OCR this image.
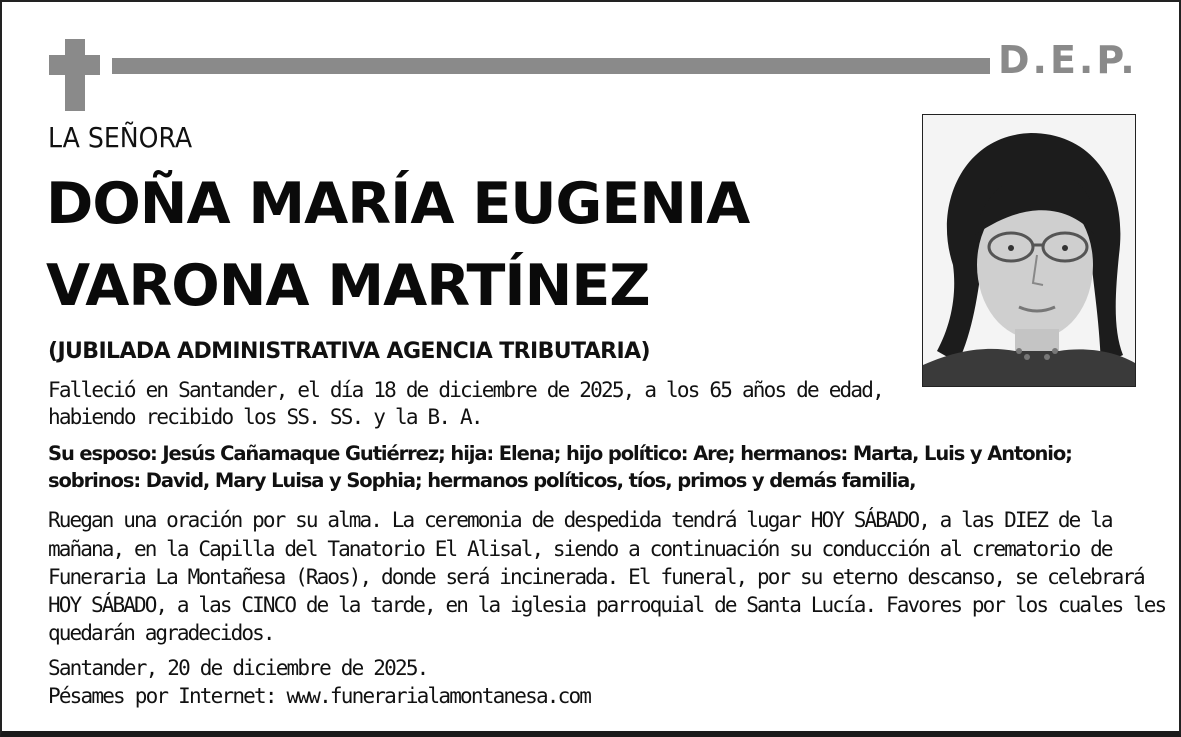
D.E.P.
LA SEÑORA
DOÑA MARÍA EUGENIA
VARONA MARTÍNEZ
(JUBILADA ADMINISTRATIVA AGENCIA TRIBUTARIA)
Falleció en Santander, el día 18 de diciembre de 2025, a los 65 años de edad,
habiendo recibido los SS. SS. y la B. A.
Su esposo: Jesús Cañamaque Gutiérrez; hija: Elena; hijo político: Are; hermanos: Marta, Luis y Antonio;
sobrinos: David, Mary Luisa y Sophia; hermanos políticos, tíos, primos y demás familia,
Ruegan una oración por su alma. La ceremonia de despedida tendrá lugar HOY SÁBADO, a las DIEZ de la
mañana, en la Capilla del Tanatorio El Alisal, siendo a continuación su conducción al crematorio de
Funeraria La Montañesa (Raos), donde será incinerada. El funeral, por su eterno descanso, se celebrará
HOY SÁBADO, a las CINCO de la tarde, en la iglesia parroquial de Santa Lucía. Favores por los cuales les
quedarán agradecidos.
Santander, 20 de diciembre de 2025.
Pésames por Internet: www.funerarialamontanesa.com
